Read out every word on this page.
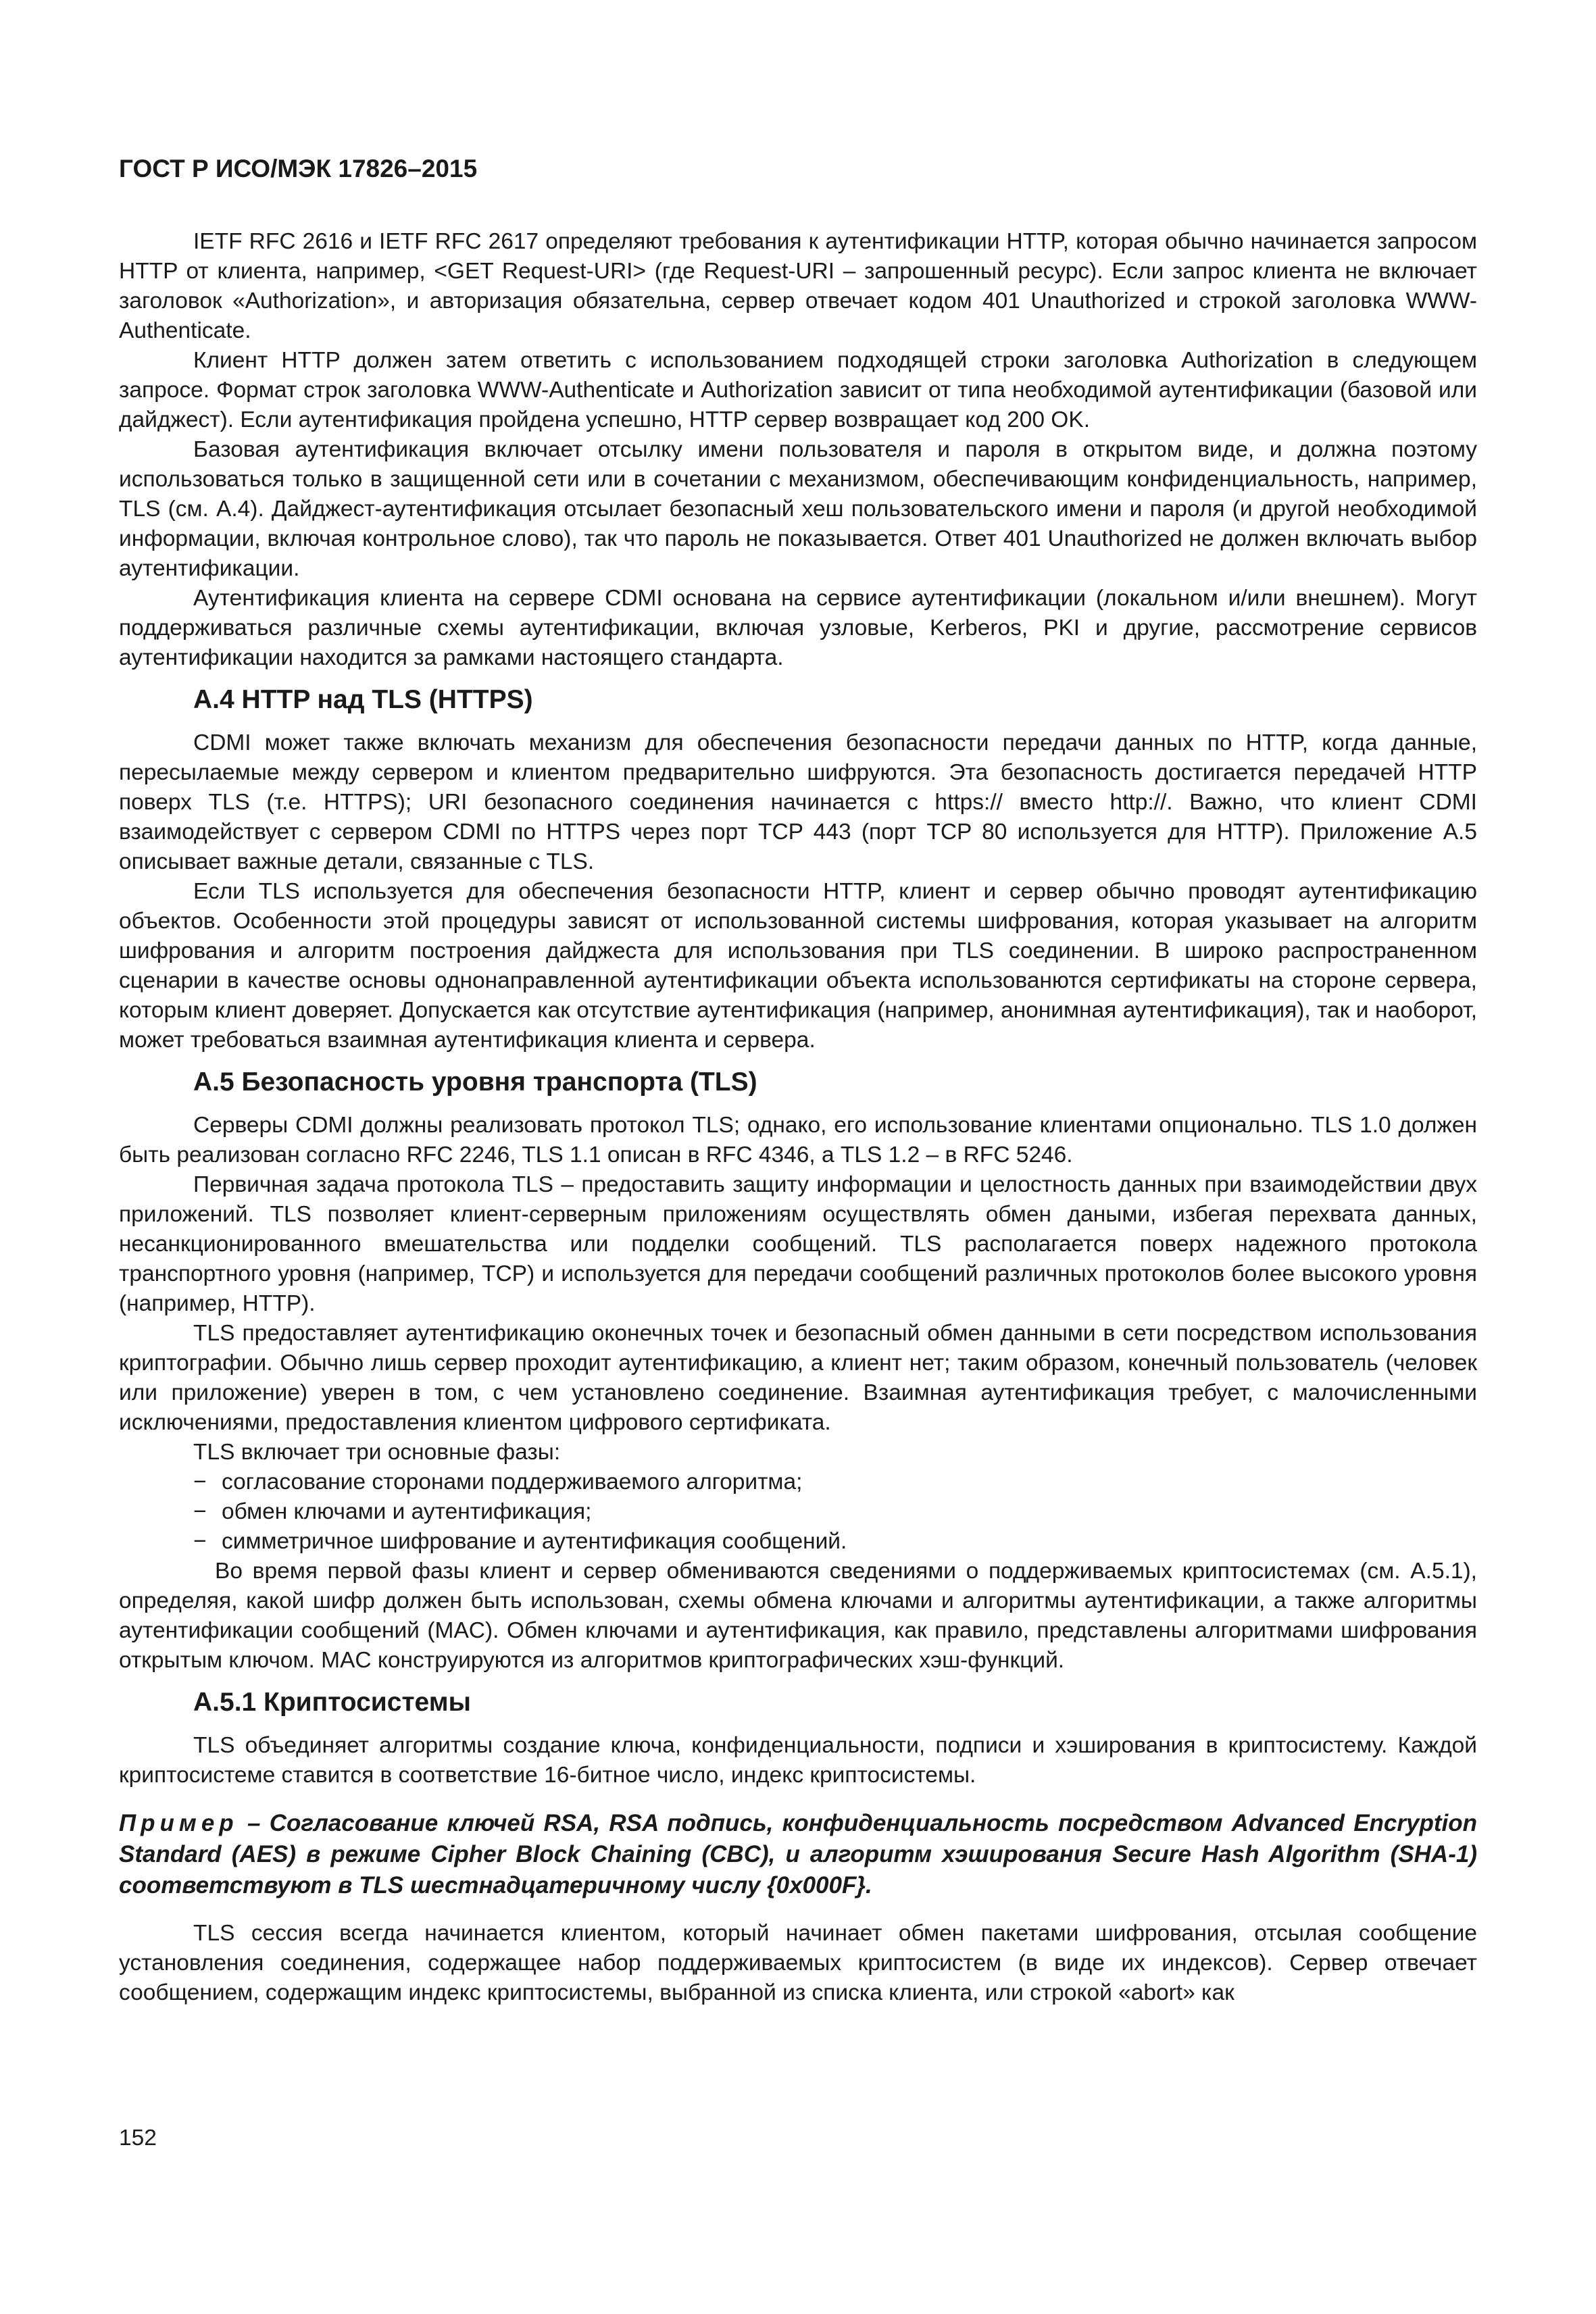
ГОСТ Р ИСО/МЭК 17826–2015

IETF RFC 2616 и IETF RFC 2617 определяют требования к аутентификации HTTP, которая обычно начинается запросом HTTP от клиента, например, <GET Request-URI> (где Request-URI – запрошенный ресурс). Если запрос клиента не включает заголовок «Authorization», и авторизация обязательна, сервер отвечает кодом 401 Unauthorized и строкой заголовка WWW-Authenticate.

Клиент HTTP должен затем ответить с использованием подходящей строки заголовка Authorization в следующем запросе. Формат строк заголовка WWW-Authenticate и Authorization зависит от типа необходимой аутентификации (базовой или дайджест). Если аутентификация пройдена успешно, HTTP сервер возвращает код 200 OK.

Базовая аутентификация включает отсылку имени пользователя и пароля в открытом виде, и должна поэтому использоваться только в защищенной сети или в сочетании с механизмом, обеспечивающим конфиденциальность, например, TLS (см. А.4). Дайджест-аутентификация отсылает безопасный хеш пользовательского имени и пароля (и другой необходимой информации, включая контрольное слово), так что пароль не показывается. Ответ 401 Unauthorized не должен включать выбор аутентификации.

Аутентификация клиента на сервере CDMI основана на сервисе аутентификации (локальном и/или внешнем). Могут поддерживаться различные схемы аутентификации, включая узловые, Kerberos, PKI и другие, рассмотрение сервисов аутентификации находится за рамками настоящего стандарта.

А.4 HTTP над TLS (HTTPS)

CDMI может также включать механизм для обеспечения безопасности передачи данных по HTTP, когда данные, пересылаемые между сервером и клиентом предварительно шифруются. Эта безопасность достигается передачей HTTP поверх TLS (т.е. HTTPS); URI безопасного соединения начинается с https:// вместо http://. Важно, что клиент CDMI взаимодействует с сервером CDMI по HTTPS через порт TCP 443 (порт TCP 80 используется для HTTP). Приложение А.5 описывает важные детали, связанные с TLS.

Если TLS используется для обеспечения безопасности HTTP, клиент и сервер обычно проводят аутентификацию объектов. Особенности этой процедуры зависят от использованной системы шифрования, которая указывает на алгоритм шифрования и алгоритм построения дайджеста для использования при TLS соединении. В широко распространенном сценарии в качестве основы однонаправленной аутентификации объекта использованются сертификаты на стороне сервера, которым клиент доверяет. Допускается как отсутствие аутентификация (например, анонимная аутентификация), так и наоборот, может требоваться взаимная аутентификация клиента и сервера.

А.5 Безопасность уровня транспорта (TLS)

Серверы CDMI должны реализовать протокол TLS; однако, его использование клиентами опционально. TLS 1.0 должен быть реализован согласно RFC 2246, TLS 1.1 описан в RFC 4346, а TLS 1.2 – в RFC 5246.

Первичная задача протокола TLS – предоставить защиту информации и целостность данных при взаимодействии двух приложений. TLS позволяет клиент-серверным приложениям осуществлять обмен даными, избегая перехвата данных, несанкционированного вмешательства или подделки сообщений. TLS располагается поверх надежного протокола транспортного уровня (например, TCP) и используется для передачи сообщений различных протоколов более высокого уровня (например, HTTP).

TLS предоставляет аутентификацию оконечных точек и безопасный обмен данными в сети посредством использования криптографии. Обычно лишь сервер проходит аутентификацию, а клиент нет; таким образом, конечный пользователь (человек или приложение) уверен в том, с чем установлено соединение. Взаимная аутентификация требует, с малочисленными исключениями, предоставления клиентом цифрового сертификата.

TLS включает три основные фазы:

− согласование сторонами поддерживаемого алгоритма;
− обмен ключами и аутентификация;
− симметричное шифрование и аутентификация сообщений.

Во время первой фазы клиент и сервер обмениваются сведениями о поддерживаемых криптосистемах (см. А.5.1), определяя, какой шифр должен быть использован, схемы обмена ключами и алгоритмы аутентификации, а также алгоритмы аутентификации сообщений (MAC). Обмен ключами и аутентификация, как правило, представлены алгоритмами шифрования открытым ключом. MAC конструируются из алгоритмов криптографических хэш-функций.

А.5.1 Криптосистемы

TLS объединяет алгоритмы создание ключа, конфиденциальности, подписи и хэширования в криптосистему. Каждой криптосистеме ставится в соответствие 16-битное число, индекс криптосистемы.

Пример – Согласование ключей RSA, RSA подпись, конфиденциальность посредством Advanced Encryption Standard (AES) в режиме Cipher Block Chaining (CBC), и алгоритм хэширования Secure Hash Algorithm (SHA-1) соответствуют в TLS шестнадцатеричному числу {0x000F}.

TLS сессия всегда начинается клиентом, который начинает обмен пакетами шифрования, отсылая сообщение установления соединения, содержащее набор поддерживаемых криптосистем (в виде их индексов). Сервер отвечает сообщением, содержащим индекс криптосистемы, выбранной из списка клиента, или строкой «abort» как

152
